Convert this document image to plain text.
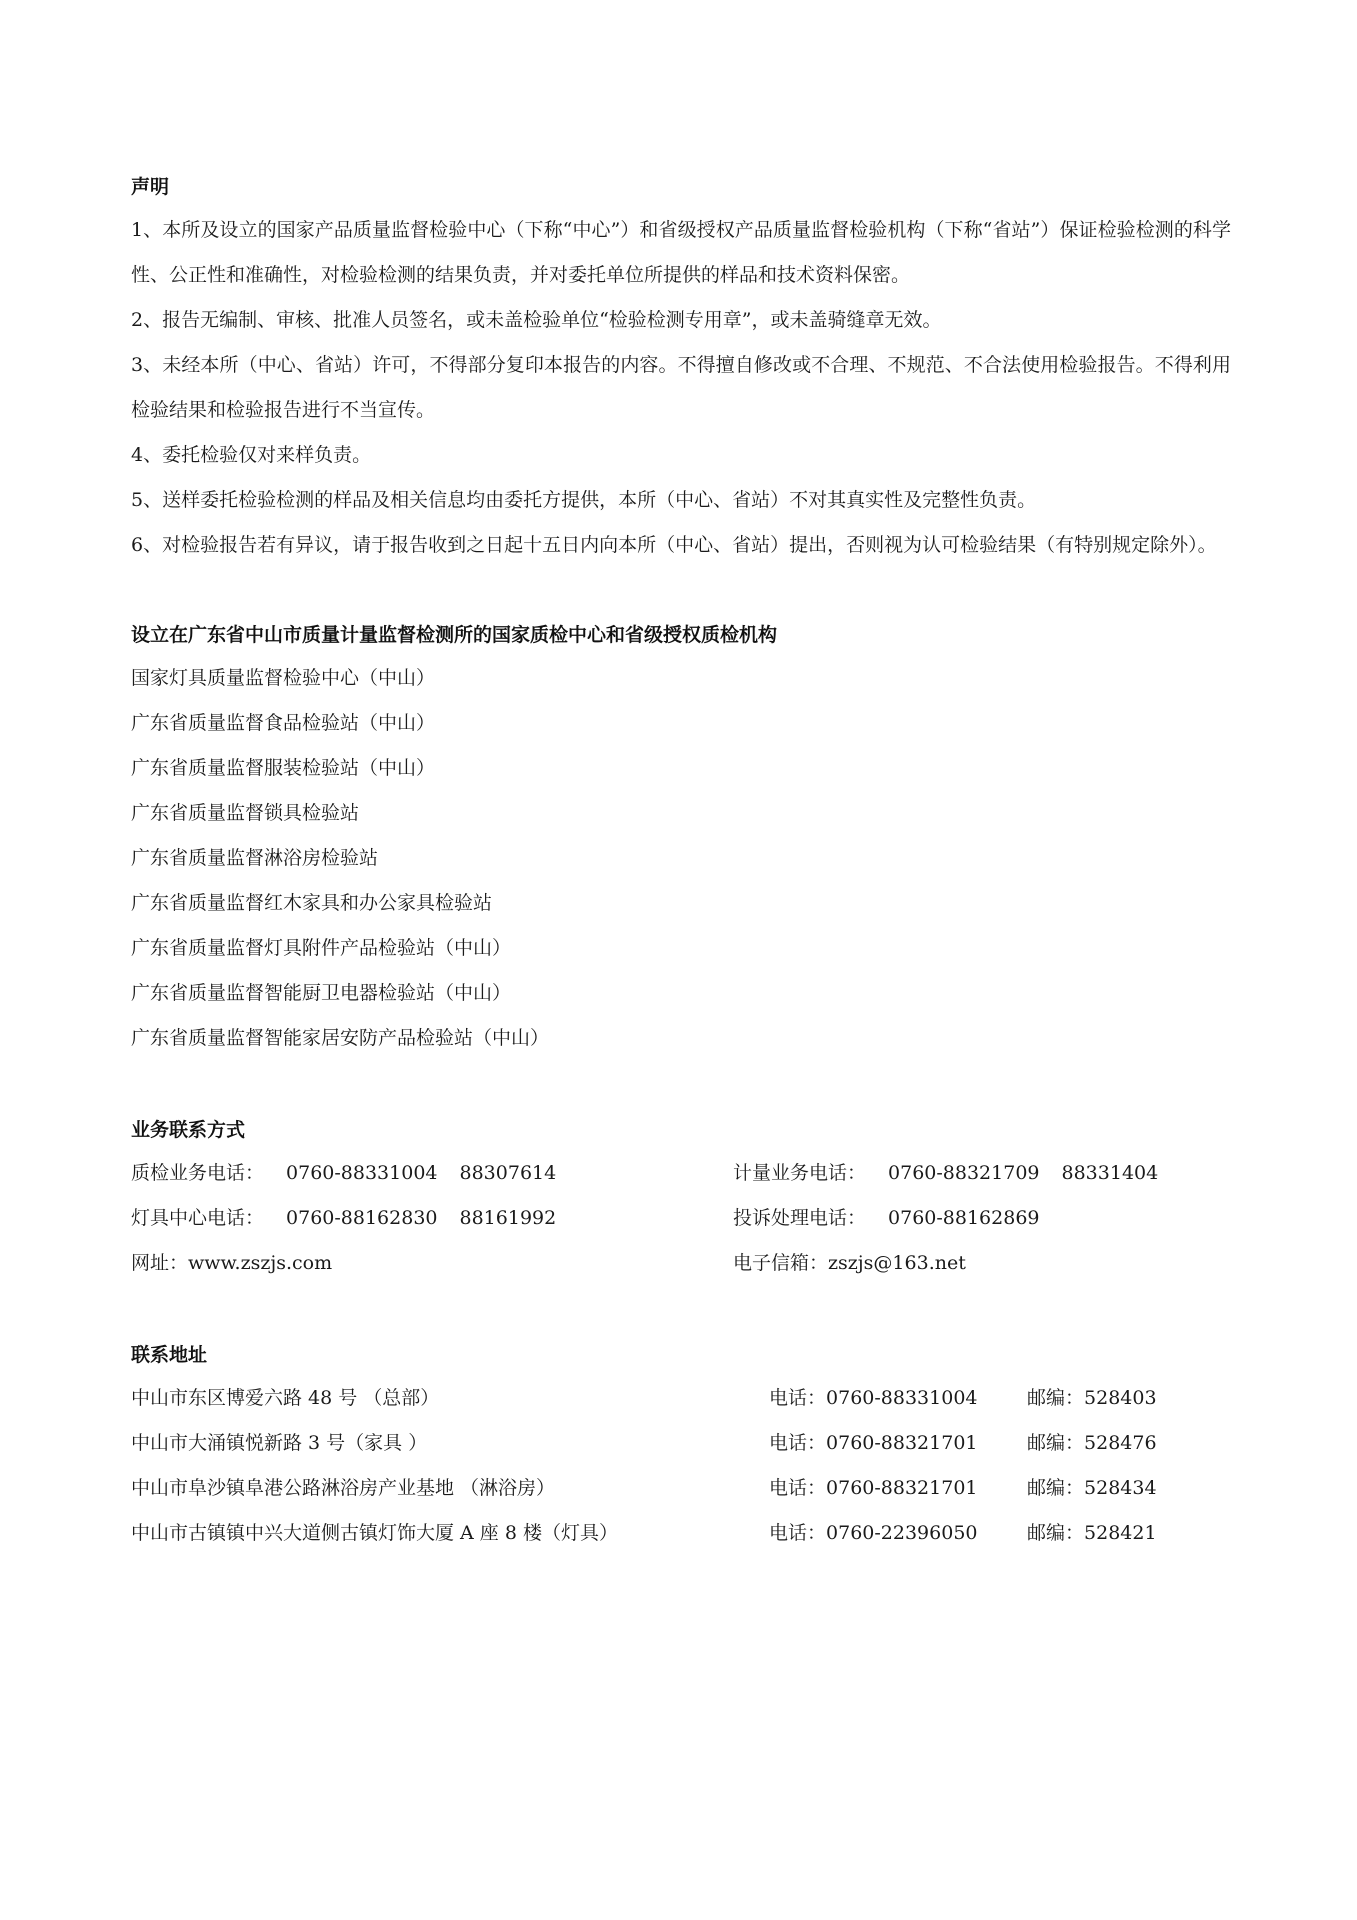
声明

1、本所及设立的国家产品质量监督检验中心（下称“中心”）和省级授权产品质量监督检验机构（下称“省站”）保证检验检测的科学性、公正性和准确性，对检验检测的结果负责，并对委托单位所提供的样品和技术资料保密。

2、报告无编制、审核、批准人员签名，或未盖检验单位“检验检测专用章”，或未盖骑缝章无效。

3、未经本所（中心、省站）许可，不得部分复印本报告的内容。不得擅自修改或不合理、不规范、不合法使用检验报告。不得利用检验结果和检验报告进行不当宣传。

4、委托检验仅对来样负责。

5、送样委托检验检测的样品及相关信息均由委托方提供，本所（中心、省站）不对其真实性及完整性负责。

6、对检验报告若有异议，请于报告收到之日起十五日内向本所（中心、省站）提出，否则视为认可检验结果（有特别规定除外）。

设立在广东省中山市质量计量监督检测所的国家质检中心和省级授权质检机构

国家灯具质量监督检验中心（中山）

广东省质量监督食品检验站（中山）

广东省质量监督服装检验站（中山）

广东省质量监督锁具检验站

广东省质量监督淋浴房检验站

广东省质量监督红木家具和办公家具检验站

广东省质量监督灯具附件产品检验站（中山）

广东省质量监督智能厨卫电器检验站（中山）

广东省质量监督智能家居安防产品检验站（中山）

业务联系方式
质检业务电话： 0760-88331004 88307614	计量业务电话： 0760-88321709 88331404
灯具中心电话： 0760-88162830 88161992	投诉处理电话： 0760-88162869
网址：www.zszjs.com	电子信箱：zszjs@163.net
联系地址
中山市东区博爱六路 48 号 （总部）	电话：0760-88331004	邮编：528403
中山市大涌镇悦新路 3 号（家具 ）	电话：0760-88321701	邮编：528476
中山市阜沙镇阜港公路淋浴房产业基地 （淋浴房）	电话：0760-88321701	邮编：528434
中山市古镇镇中兴大道侧古镇灯饰大厦 A 座 8 楼（灯具）	电话：0760-22396050	邮编：528421
